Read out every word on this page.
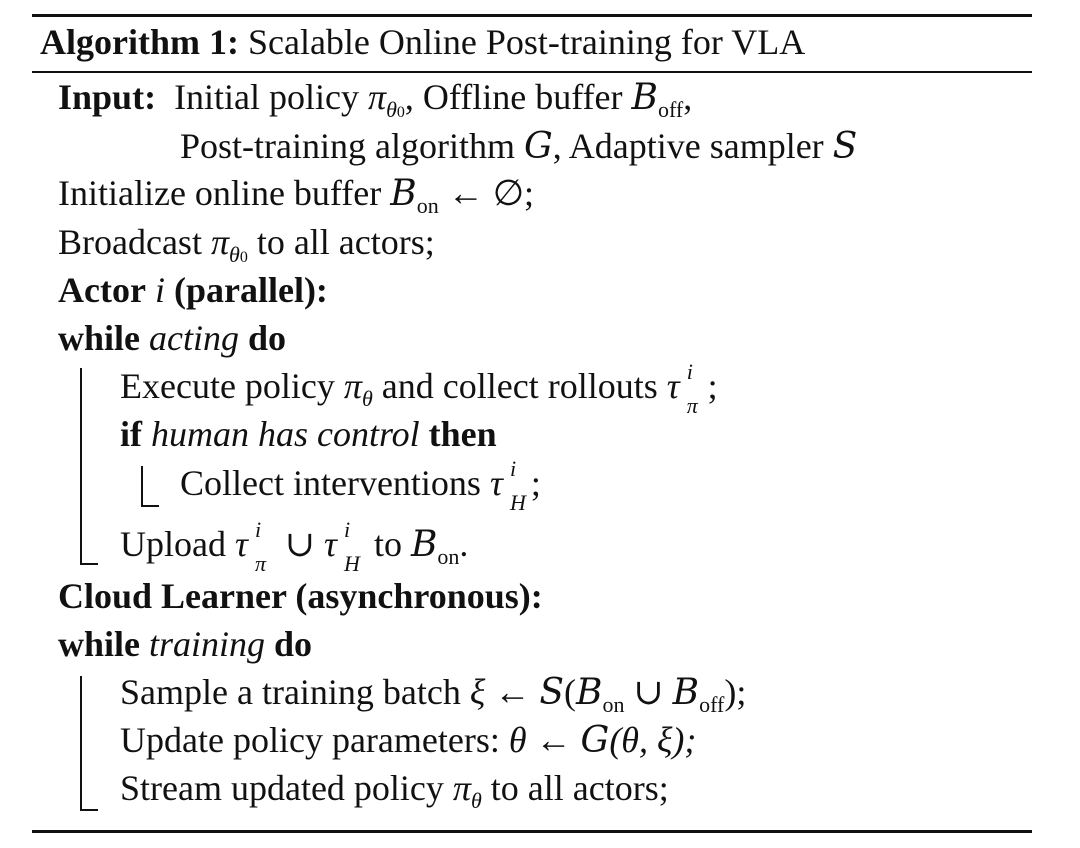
Algorithm 1: Scalable Online Post-training for VLA
Input: Initial policy $\pi_{\theta 0}$, Offline buffer $B_{off}$,
Post-training algorithm G, Adaptive sampler S
Initialize online buffer $B_{on}$ ← ∅;
Broadcast $\pi_{\theta 0}$ to all actors;
Actor i (parallel):
while acting do
Execute policy $\pi_\theta$ and collect rollouts τ i
π ;
if human has control then
Collect interventions τ i
H ;
Upload τ i
π ∪ τ i
H to $B_{on}$.
Cloud Learner (asynchronous):
while training do
Sample a training batch ξ ← $S(B_{on}$ ∪ $B_{off}$);
Update policy parameters: θ ← G(θ, ξ);
Stream updated policy $\pi_\theta$ to all actors;
